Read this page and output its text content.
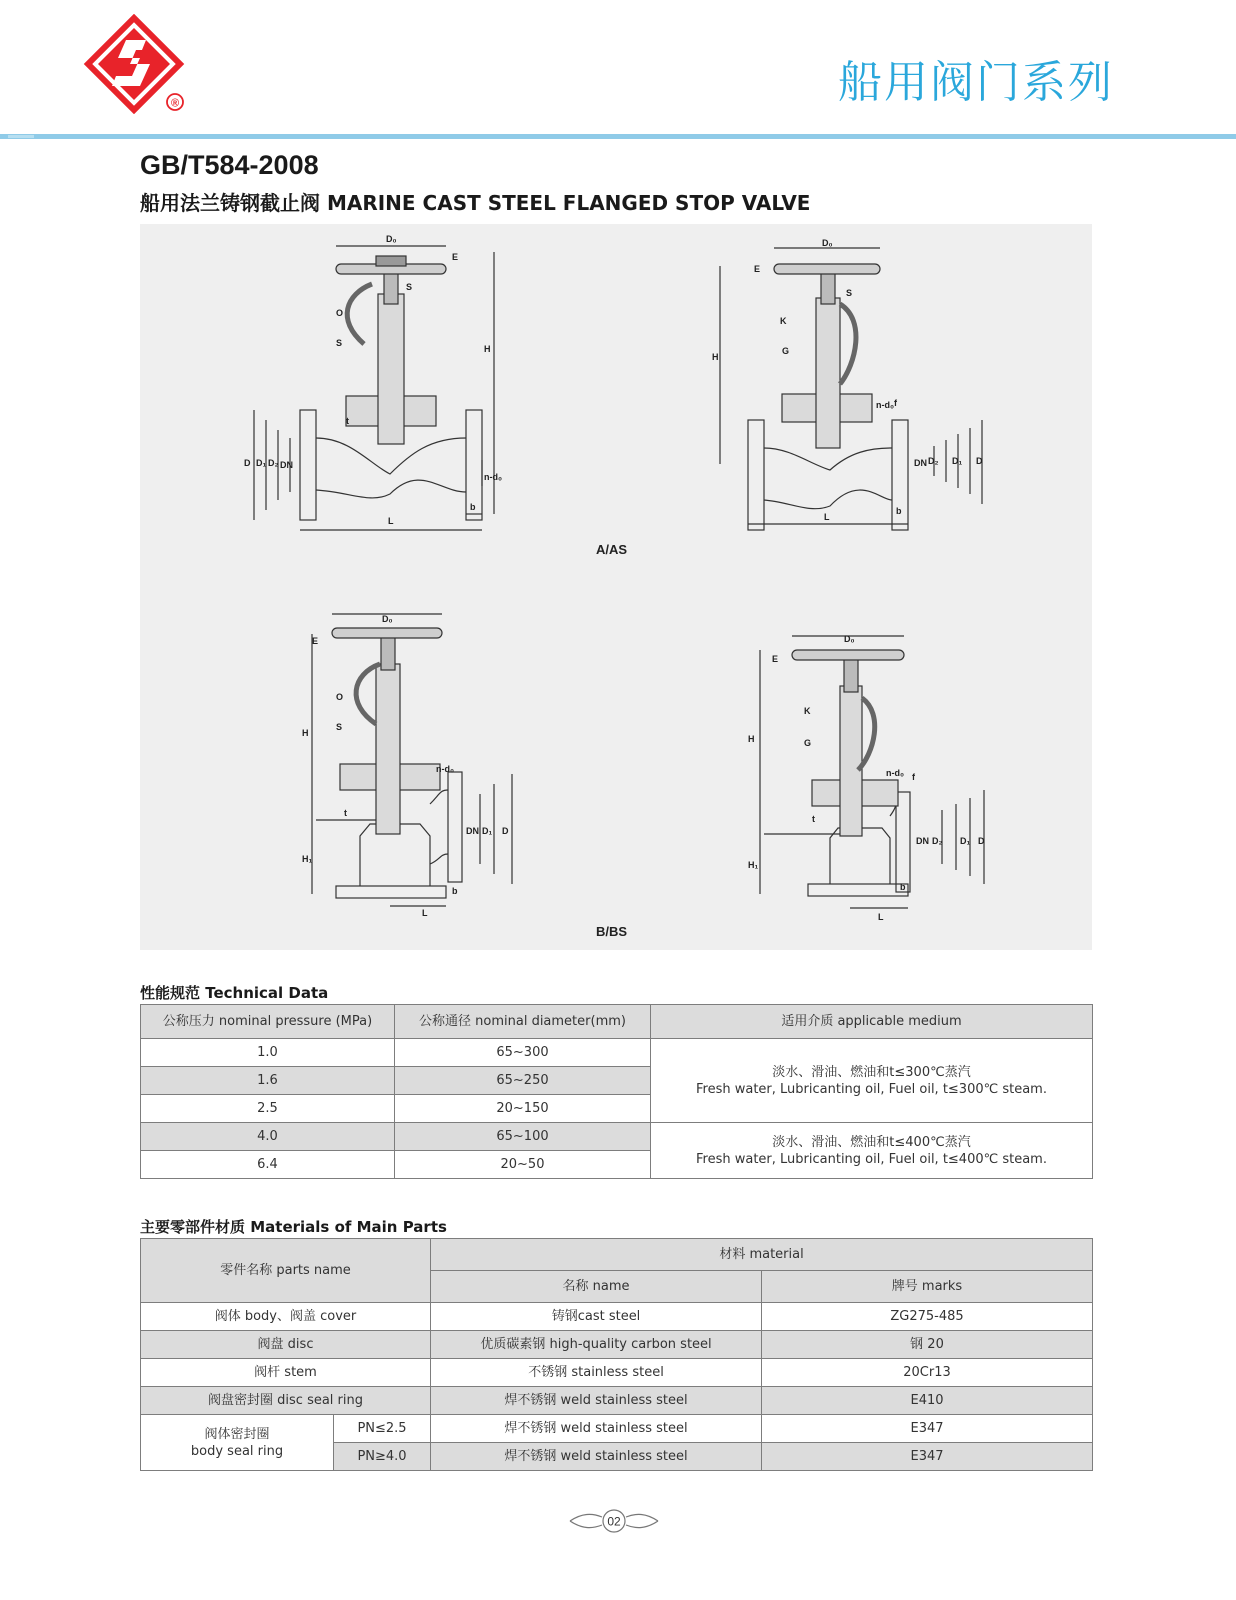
®	船用阀门系列
GB/T584-2008
船用法兰铸钢截止阀 MARINE CAST STEEL FLANGED STOP VALVE
D₀
E
S
O
S
H
L
D D₁ D₂ DN
n-d₀
b
t
D₀
E
S
K
G
H
L
n-d₀ f
b
DN D₂ D₁ D
A/AS
D₀
E
O
S
H
H₁
t
n-d₀
DN D₁ D
b
L
D₀
E
K
G
H
H₁
t
n-d₀ f
DN D₂ D₁ D
b
L
B/BS
性能规范 Technical Data
公称压力 nominal pressure (MPa)	公称通径 nominal diameter(mm)	适用介质 applicable medium
1.0	65~300	淡水、滑油、燃油和t≤300℃蒸汽
Fresh water, Lubricanting oil, Fuel oil, t≤300℃ steam.

1.6	65~250	
2.5	20~150	
4.0	65~100	淡水、滑油、燃油和t≤400℃蒸汽
Fresh water, Lubricanting oil, Fuel oil, t≤400℃ steam.

6.4	20~50	
主要零部件材质 Materials of Main Parts
零件名称 parts name		材料 material	
		名称 name	牌号 marks
阀体 body、阀盖 cover		铸钢cast steel	ZG275-485
阀盘 disc		优质碳素钢 high-quality carbon steel	钢 20
阀杆 stem		不锈钢 stainless steel	20Cr13
阀盘密封圈 disc seal ring		焊不锈钢 weld stainless steel	E410

阀体密封圈
body seal ring	PN≤2.5	焊不锈钢 weld stainless steel	E347
	PN≥4.0	焊不锈钢 weld stainless steel	E347
02
